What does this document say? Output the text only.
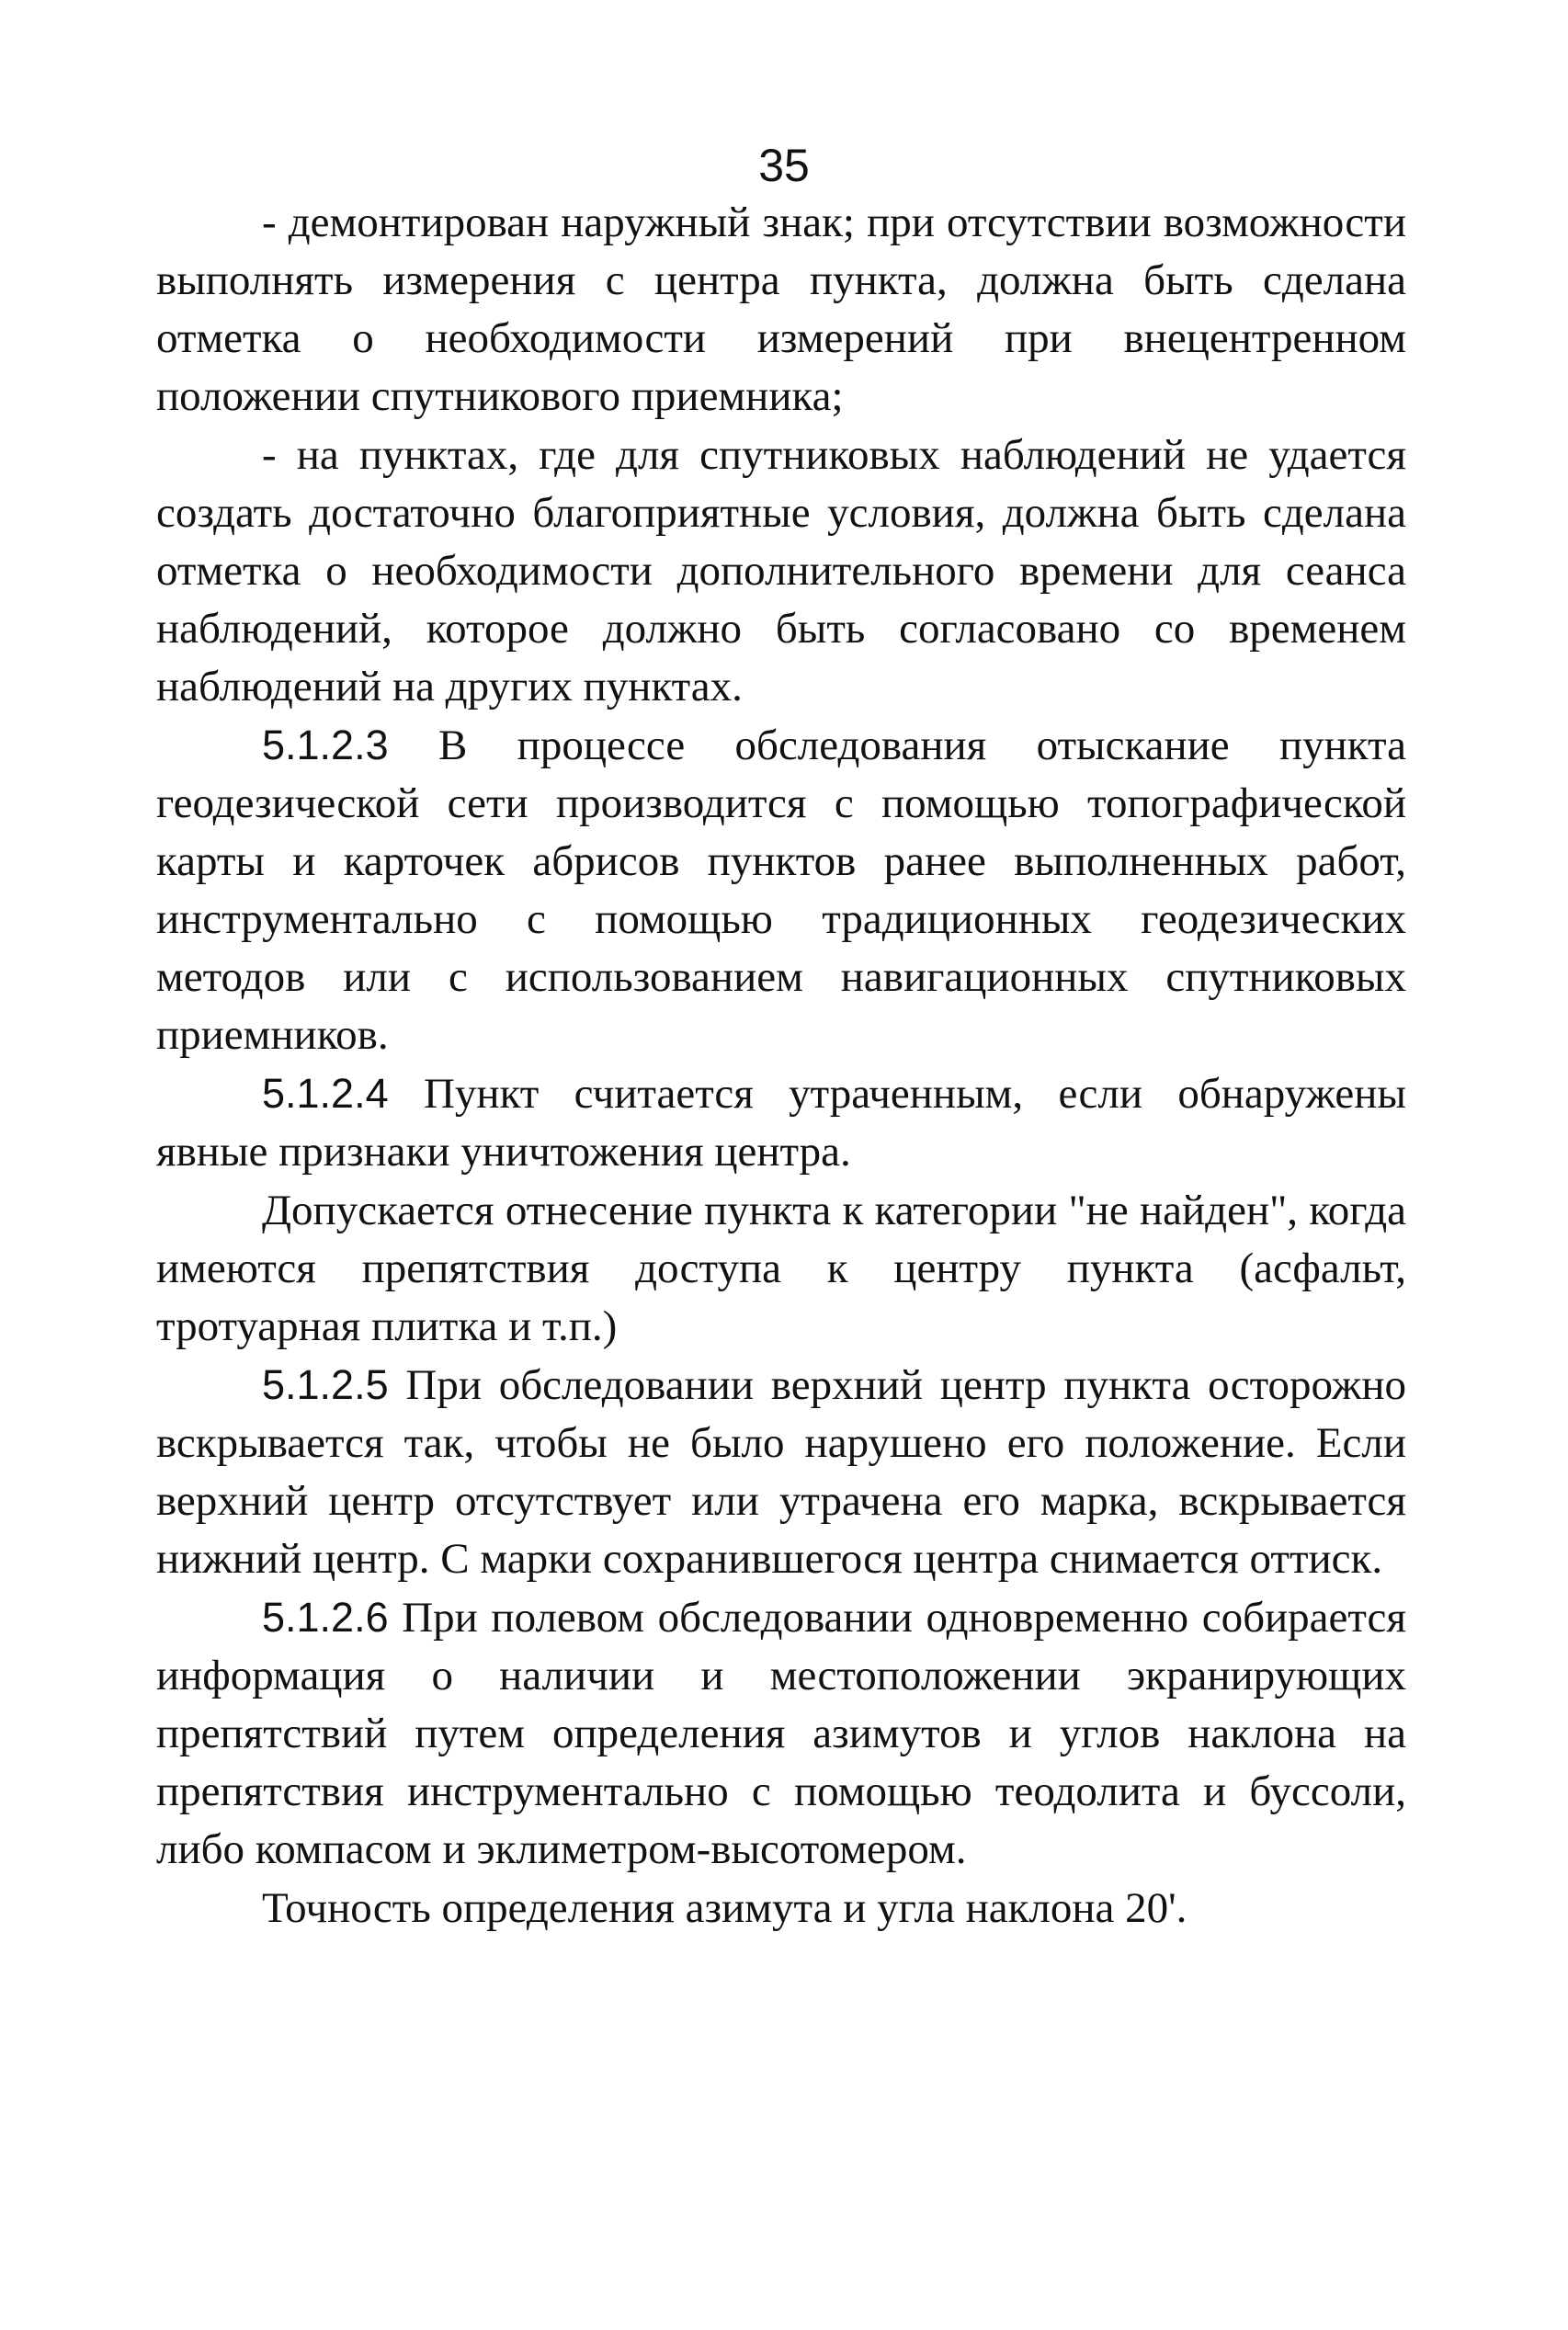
35

- демонтирован наружный знак; при отсутствии возможности выполнять измерения с центра пункта, должна быть сделана отметка о необходимости измерений при внецентренном положении спутникового приемника;

- на пунктах, где для спутниковых наблюдений не удается создать достаточно благоприятные условия, должна быть сделана отметка о необходимости дополнительного времени для сеанса наблюдений, которое должно быть согласовано со временем наблюдений на других пунктах.

5.1.2.3 В процессе обследования отыскание пункта геодезической сети производится с помощью топографической карты и карточек абрисов пунктов ранее выполненных работ, инструментально с помощью традиционных геодезических методов или с использованием навигационных спутниковых приемников.

5.1.2.4 Пункт считается утраченным, если обнаружены явные признаки уничтожения центра.

Допускается отнесение пункта к категории "не найден", когда имеются препятствия доступа к центру пункта (асфальт, тротуарная плитка и т.п.)

5.1.2.5 При обследовании верхний центр пункта осторожно вскрывается так, чтобы не было нарушено его положение. Если верхний центр отсутствует или утрачена его марка, вскрывается нижний центр. С марки сохранившегося центра снимается оттиск.

5.1.2.6 При полевом обследовании одновременно собирается информация о наличии и местоположении экранирующих препятствий путем определения азимутов и углов наклона на препятствия инструментально с помощью теодолита и буссоли, либо компасом и эклиметром-высотомером.

Точность определения азимута и угла наклона 20'.
